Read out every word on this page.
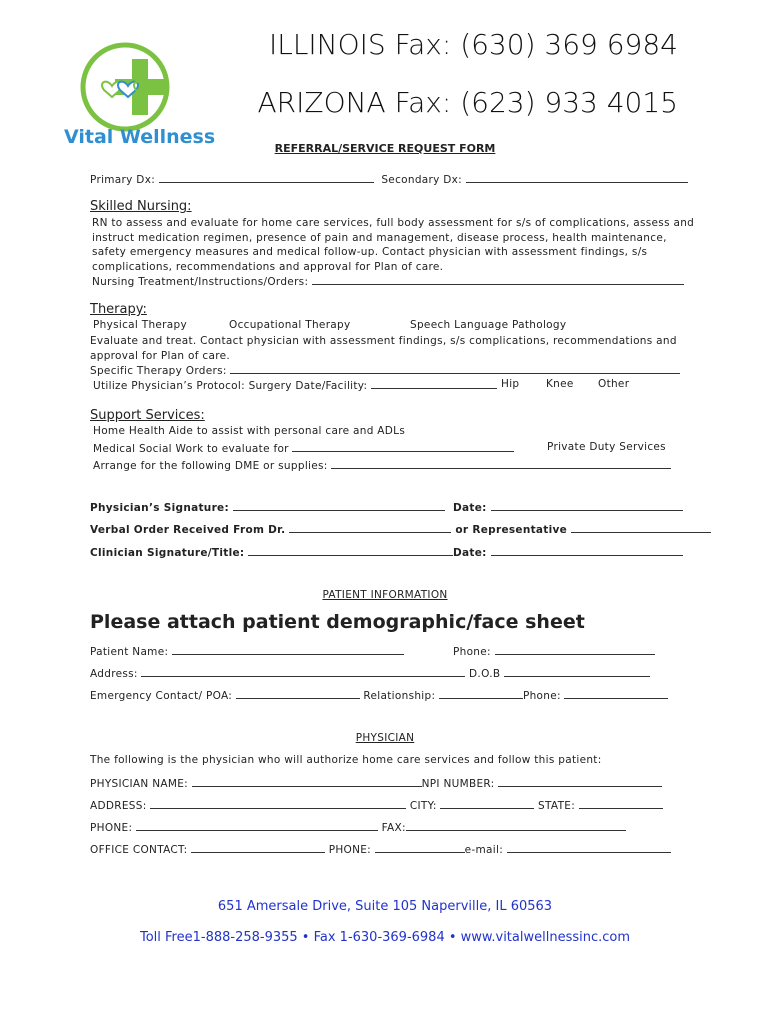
Vital Wellness
ILLINOIS Fax: (630) 369 6984
ARIZONA Fax: (623) 933 4015
REFERRAL/SERVICE REQUEST FORM
Primary Dx:	Secondary Dx:
Skilled Nursing:
RN to assess and evaluate for home care services, full body assessment for s/s of complications, assess and
instruct medication regimen, presence of pain and management, disease process, health maintenance,
safety emergency measures and medical follow-up. Contact physician with assessment findings, s/s
complications, recommendations and approval for Plan of care.
Nursing Treatment/Instructions/Orders:
Therapy:
Physical Therapy	Occupational Therapy	Speech Language Pathology
Evaluate and treat. Contact physician with assessment findings, s/s complications, recommendations and
approval for Plan of care.
Specific Therapy Orders:
Utilize Physician’s Protocol: Surgery Date/Facility:	Hip	Knee Other
Support Services:
Home Health Aide to assist with personal care and ADLs
Medical Social Work to evaluate for	Private Duty Services
Arrange for the following DME or supplies:
Physician’s Signature:	Date:
Verbal Order Received From Dr.	or Representative
Clinician Signature/Title:	Date:
PATIENT INFORMATION
Please attach patient demographic/face sheet
Patient Name:	Phone:
Address:	D.O.B
Emergency Contact/ POA:	Relationship:	Phone:
PHYSICIAN
The following is the physician who will authorize home care services and follow this patient:
PHYSICIAN NAME:	NPI NUMBER:
ADDRESS:	CITY:	STATE:
PHONE:	FAX:
OFFICE CONTACT:	PHONE:	e-mail:
651 Amersale Drive, Suite 105 Naperville, IL 60563
Toll Free1-888-258-9355 • Fax 1-630-369-6984 • www.vitalwellnessinc.com
